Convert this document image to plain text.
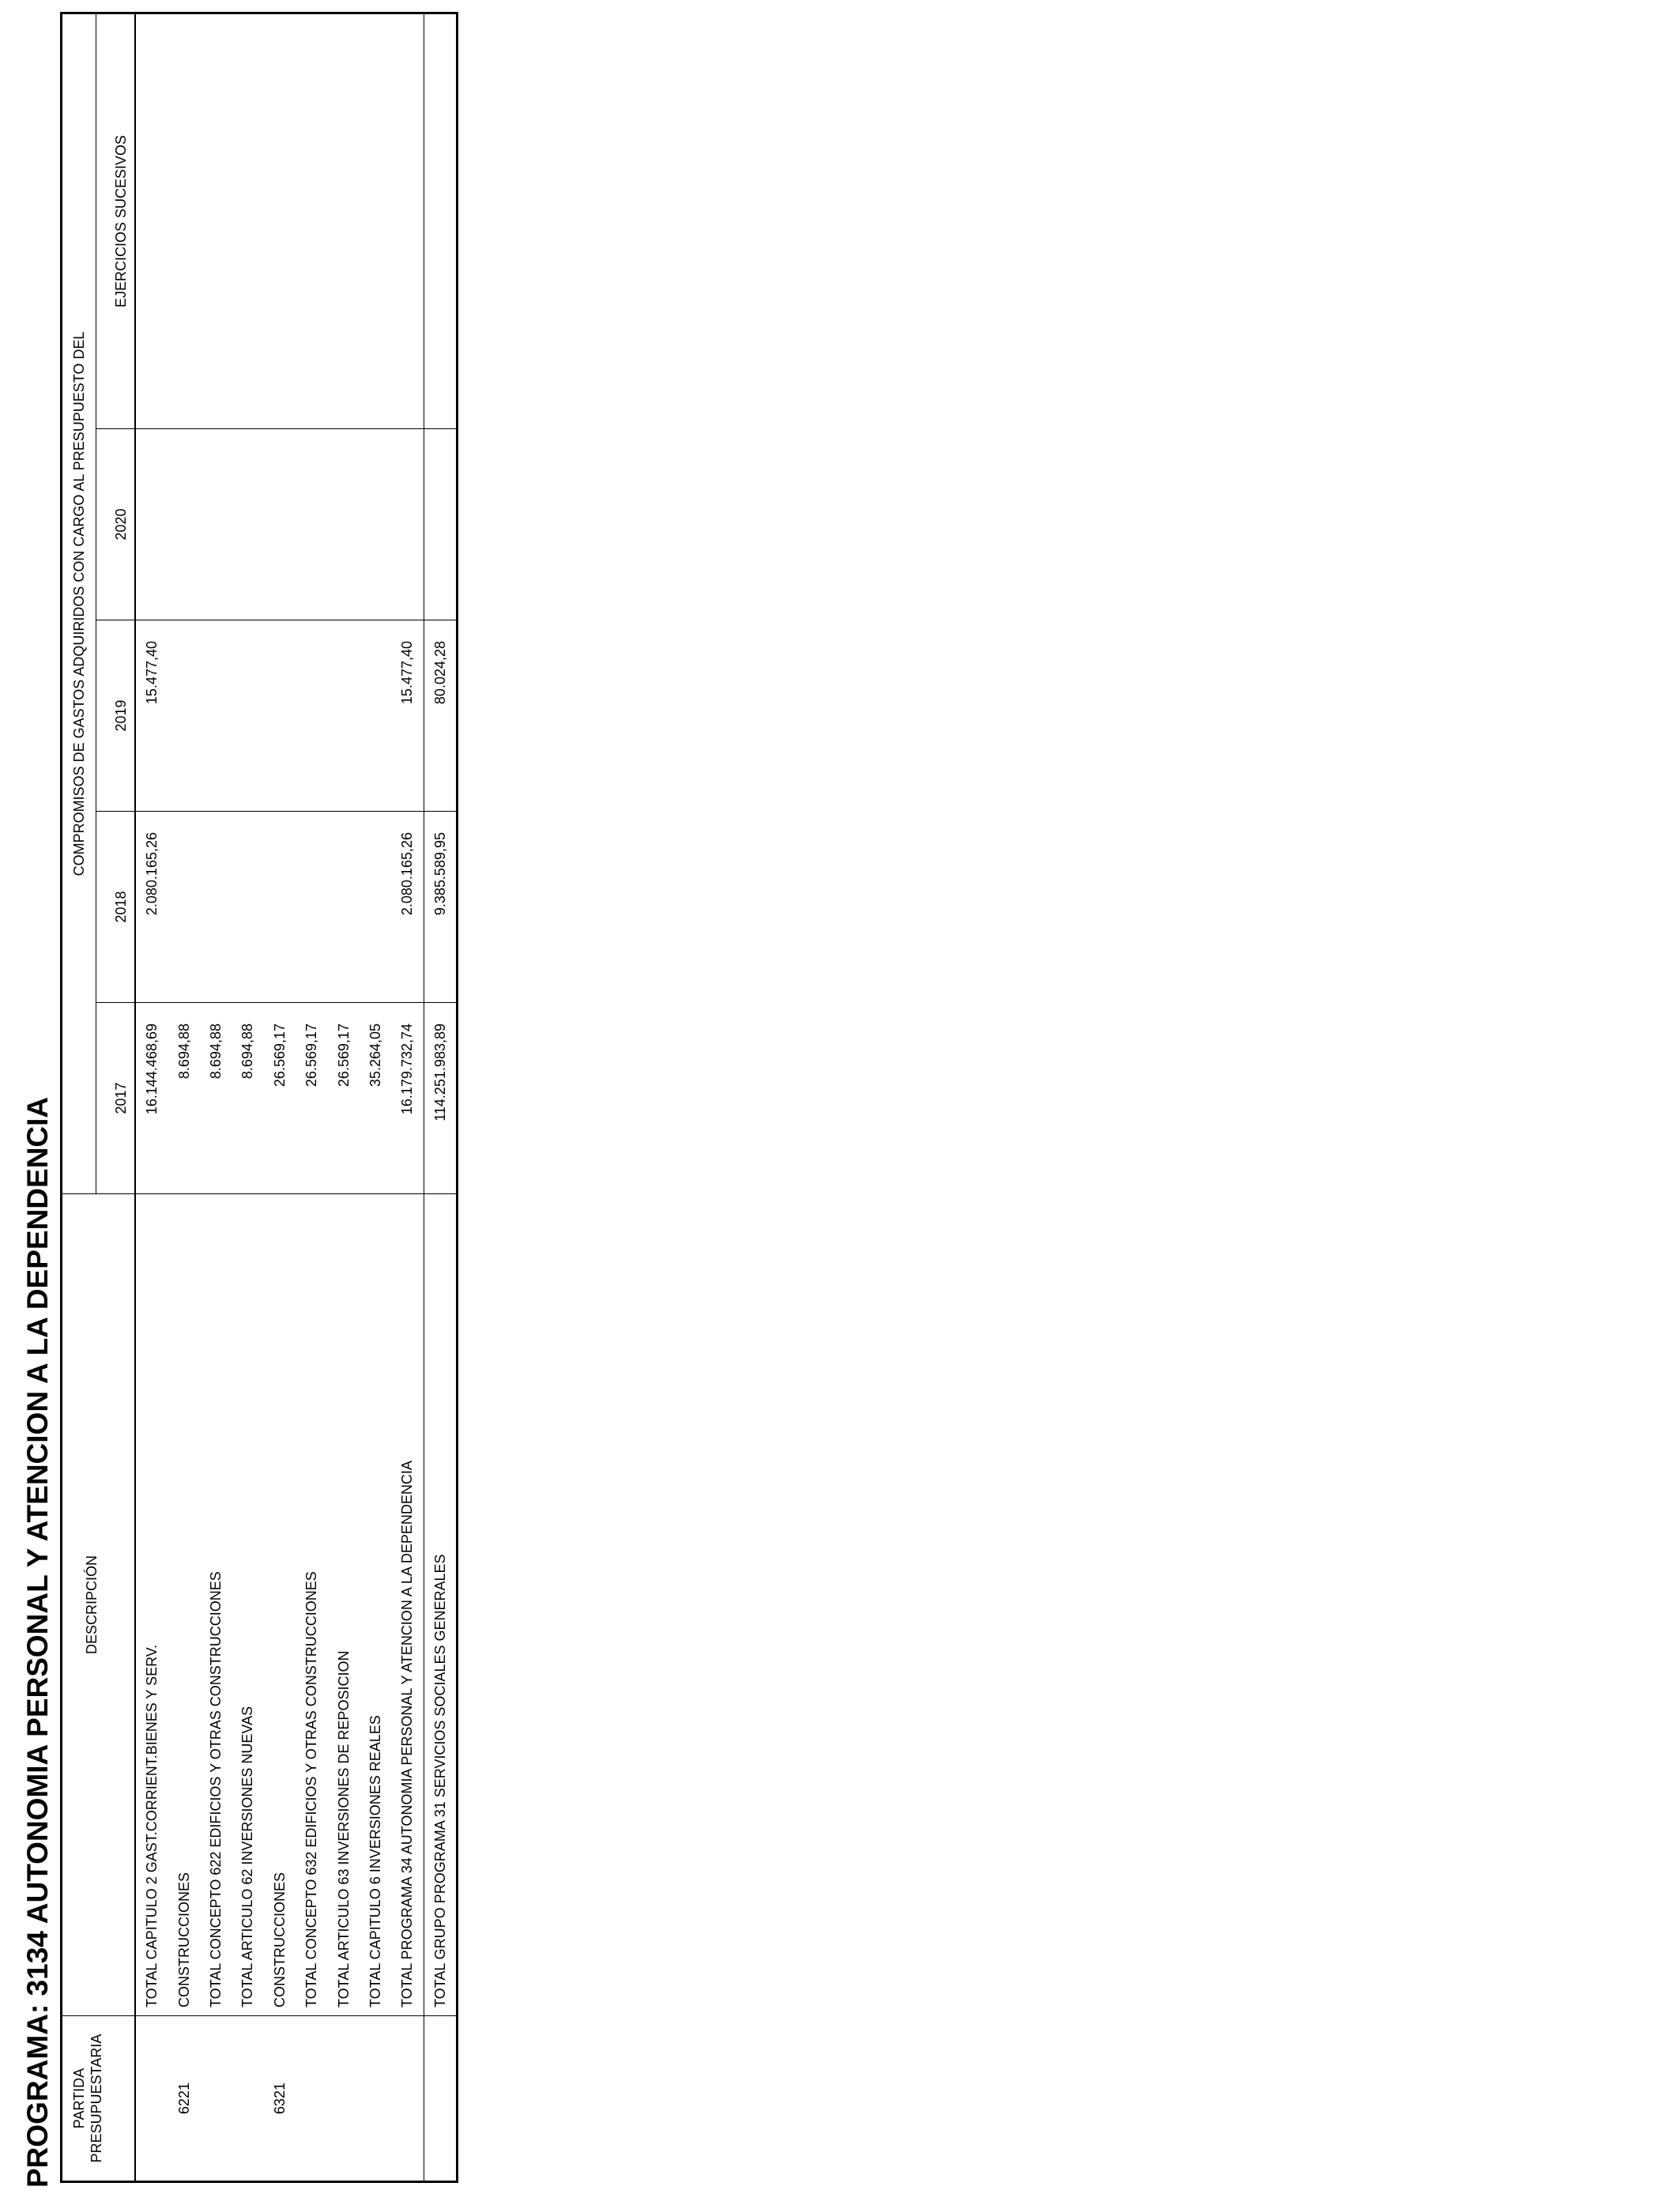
PROGRAMA: 3134 AUTONOMIA PERSONAL Y ATENCION A LA DEPENDENCIA PARTIDA PRESUPUESTARIA	DESCRIPCIÓN	COMPROMISOS DE GASTOS ADQUIRIDOS CON CARGO AL PRESUPUESTO DEL				
		2017	2018	2019	2020	EJERCICIOS SUCESIVOS
	TOTAL CAPITULO 2 GAST.CORRIENT.BIENES Y SERV.	16.144.468,69	2.080.165,26	15.477,40		
6221	CONSTRUCCIONES	8.694,88				
	TOTAL CONCEPTO 622 EDIFICIOS Y OTRAS CONSTRUCCIONES	8.694,88				
	TOTAL ARTICULO 62 INVERSIONES NUEVAS	8.694,88				
6321	CONSTRUCCIONES	26.569,17				
	TOTAL CONCEPTO 632 EDIFICIOS Y OTRAS CONSTRUCCIONES	26.569,17				
	TOTAL ARTICULO 63 INVERSIONES DE REPOSICION	26.569,17				
	TOTAL CAPITULO 6 INVERSIONES REALES	35.264,05				
	TOTAL PROGRAMA 34 AUTONOMIA PERSONAL Y ATENCION A LA DEPENDENCIA	16.179.732,74	2.080.165,26	15.477,40		
	TOTAL GRUPO PROGRAMA 31 SERVICIOS SOCIALES GENERALES	114.251.983,89	9.385.589,95	80.024,28		
